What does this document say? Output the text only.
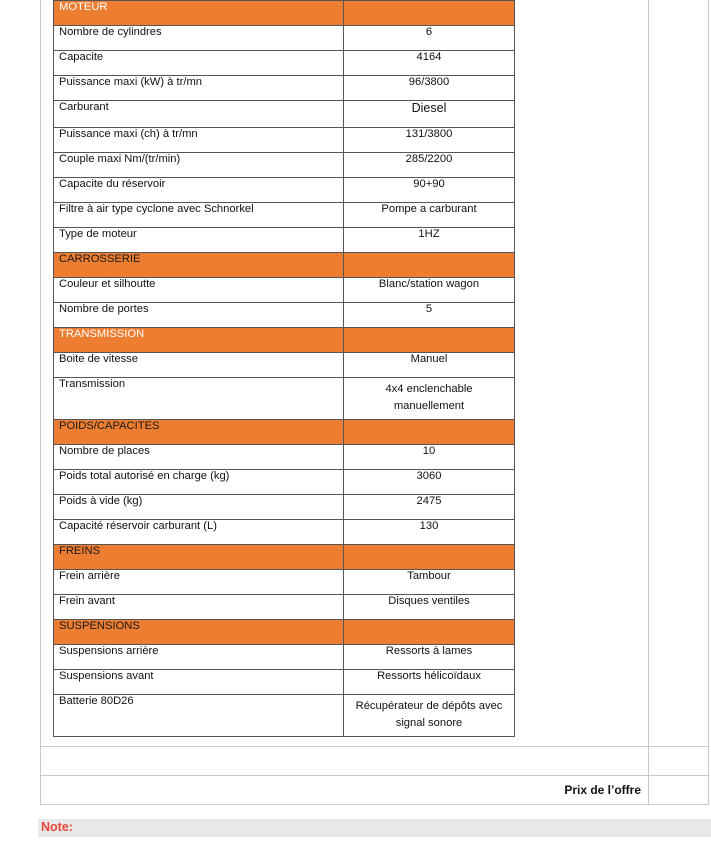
MOTEUR	
Nombre de cylindres	6
Capacite	4164
Puissance maxi (kW) à tr/mn	96/3800
Carburant	Diesel
Puissance maxi (ch) à tr/mn	131/3800
Couple maxi Nm/(tr/min)	285/2200
Capacite du réservoir	90+90
Filtre à air type cyclone avec Schnorkel	Pompe a carburant
Type de moteur	1HZ
CARROSSERIE	
Couleur et silhoutte	Blanc/station wagon
Nombre de portes	5
TRANSMISSION	
Boite de vitesse	Manuel
Transmission	4x4 enclenchable manuellement
POIDS/CAPACITES	
Nombre de places	10
Poids total autorisé en charge (kg)	3060
Poids à vide (kg)	2475
Capacité réservoir carburant (L)	130
FREINS	
Frein arrière	Tambour
Frein avant	Disques ventiles
SUSPENSIONS	
Suspensions arrière	Ressorts à lames
Suspensions avant	Ressorts hélicoïdaux
Batterie 80D26	Récupérateur de dépôts avec signal sonore
Prix de l’offre
Note:
